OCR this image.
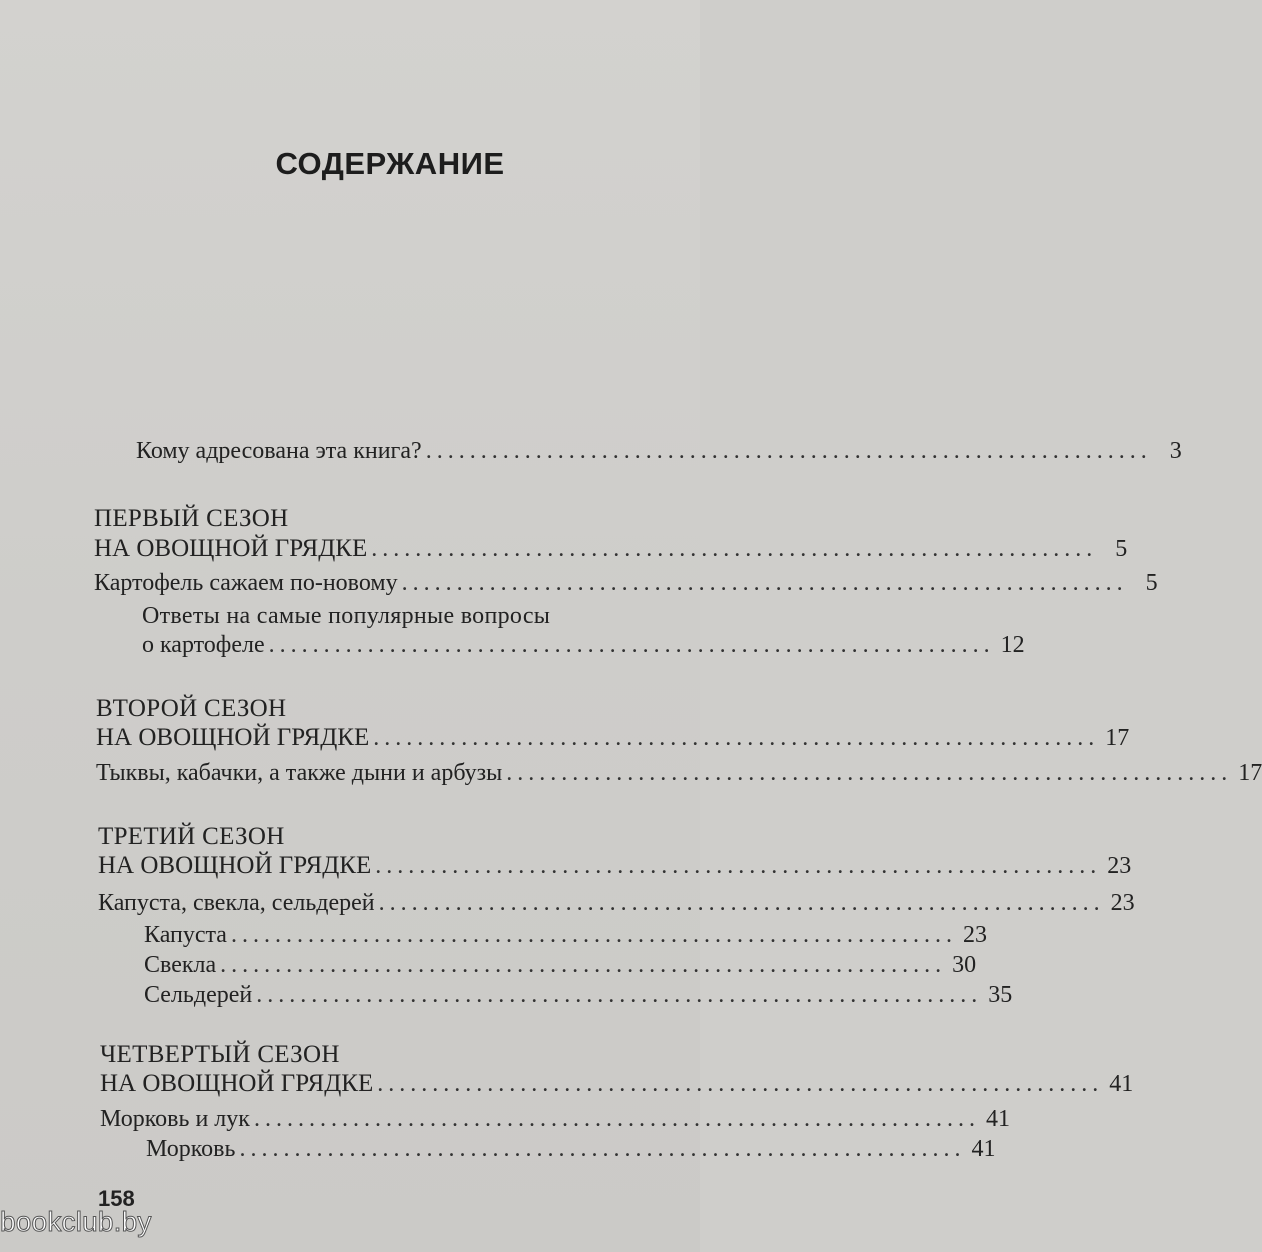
СОДЕРЖАНИЕ
Кому адресована эта книга? .................................................................. 3
ПЕРВЫЙ СЕЗОН
НА ОВОЩНОЙ ГРЯДКЕ .................................................................. 5
Картофель сажаем по-новому .................................................................. 5
Ответы на самые популярные вопросы
о картофеле .................................................................. 12
ВТОРОЙ СЕЗОН
НА ОВОЩНОЙ ГРЯДКЕ .................................................................. 17
Тыквы, кабачки, а также дыни и арбузы .................................................................. 17
ТРЕТИЙ СЕЗОН
НА ОВОЩНОЙ ГРЯДКЕ .................................................................. 23
Капуста, свекла, сельдерей .................................................................. 23
Капуста .................................................................. 23
Свекла .................................................................. 30
Сельдерей .................................................................. 35
ЧЕТВЕРТЫЙ СЕЗОН
НА ОВОЩНОЙ ГРЯДКЕ .................................................................. 41
Морковь и лук .................................................................. 41
Морковь .................................................................. 41
158
bookclub.by
